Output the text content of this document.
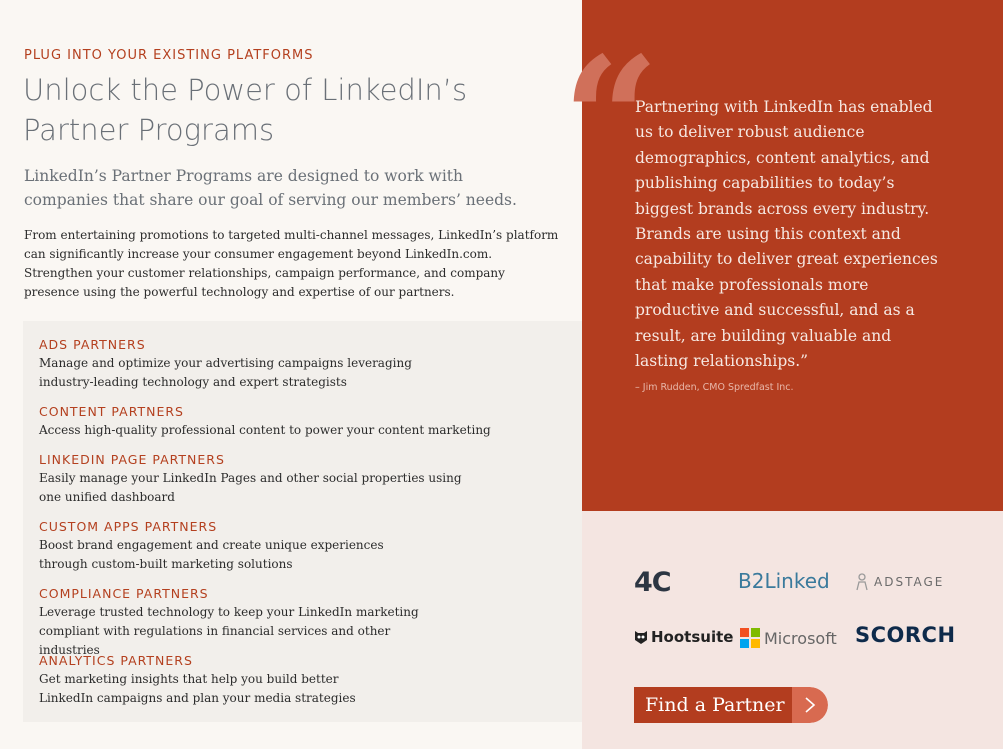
PLUG INTO YOUR EXISTING PLATFORMS
Unlock the Power of LinkedIn’s Partner Programs

LinkedIn’s Partner Programs are designed to work with companies that share our goal of serving our members’ needs.

From entertaining promotions to targeted multi-channel messages, LinkedIn’s platform can significantly increase your consumer engagement beyond LinkedIn.com. Strengthen your customer relationships, campaign performance, and company presence using the powerful technology and expertise of our partners.

ADS PARTNERS
Manage and optimize your advertising campaigns leveraging industry-leading technology and expert strategists
CONTENT PARTNERS
Access high-quality professional content to power your content marketing
LINKEDIN PAGE PARTNERS
Easily manage your LinkedIn Pages and other social properties using one unified dashboard
CUSTOM APPS PARTNERS
Boost brand engagement and create unique experiences through custom-built marketing solutions
COMPLIANCE PARTNERS
Leverage trusted technology to keep your LinkedIn marketing compliant with regulations in financial services and other industries
ANALYTICS PARTNERS
Get marketing insights that help you build better LinkedIn campaigns and plan your media strategies
“
Partnering with LinkedIn has enabled us to deliver robust audience demographics, content analytics, and publishing capabilities to today’s biggest brands across every industry. Brands are using this context and capability to deliver great experiences that make professionals more productive and successful, and as a result, are building valuable and lasting relationships.”
– Jim Rudden, CMO Spredfast Inc.
4C	B2Linked	ADSTAGE
Hootsuite Microsoft SCORCH
Find a Partner
